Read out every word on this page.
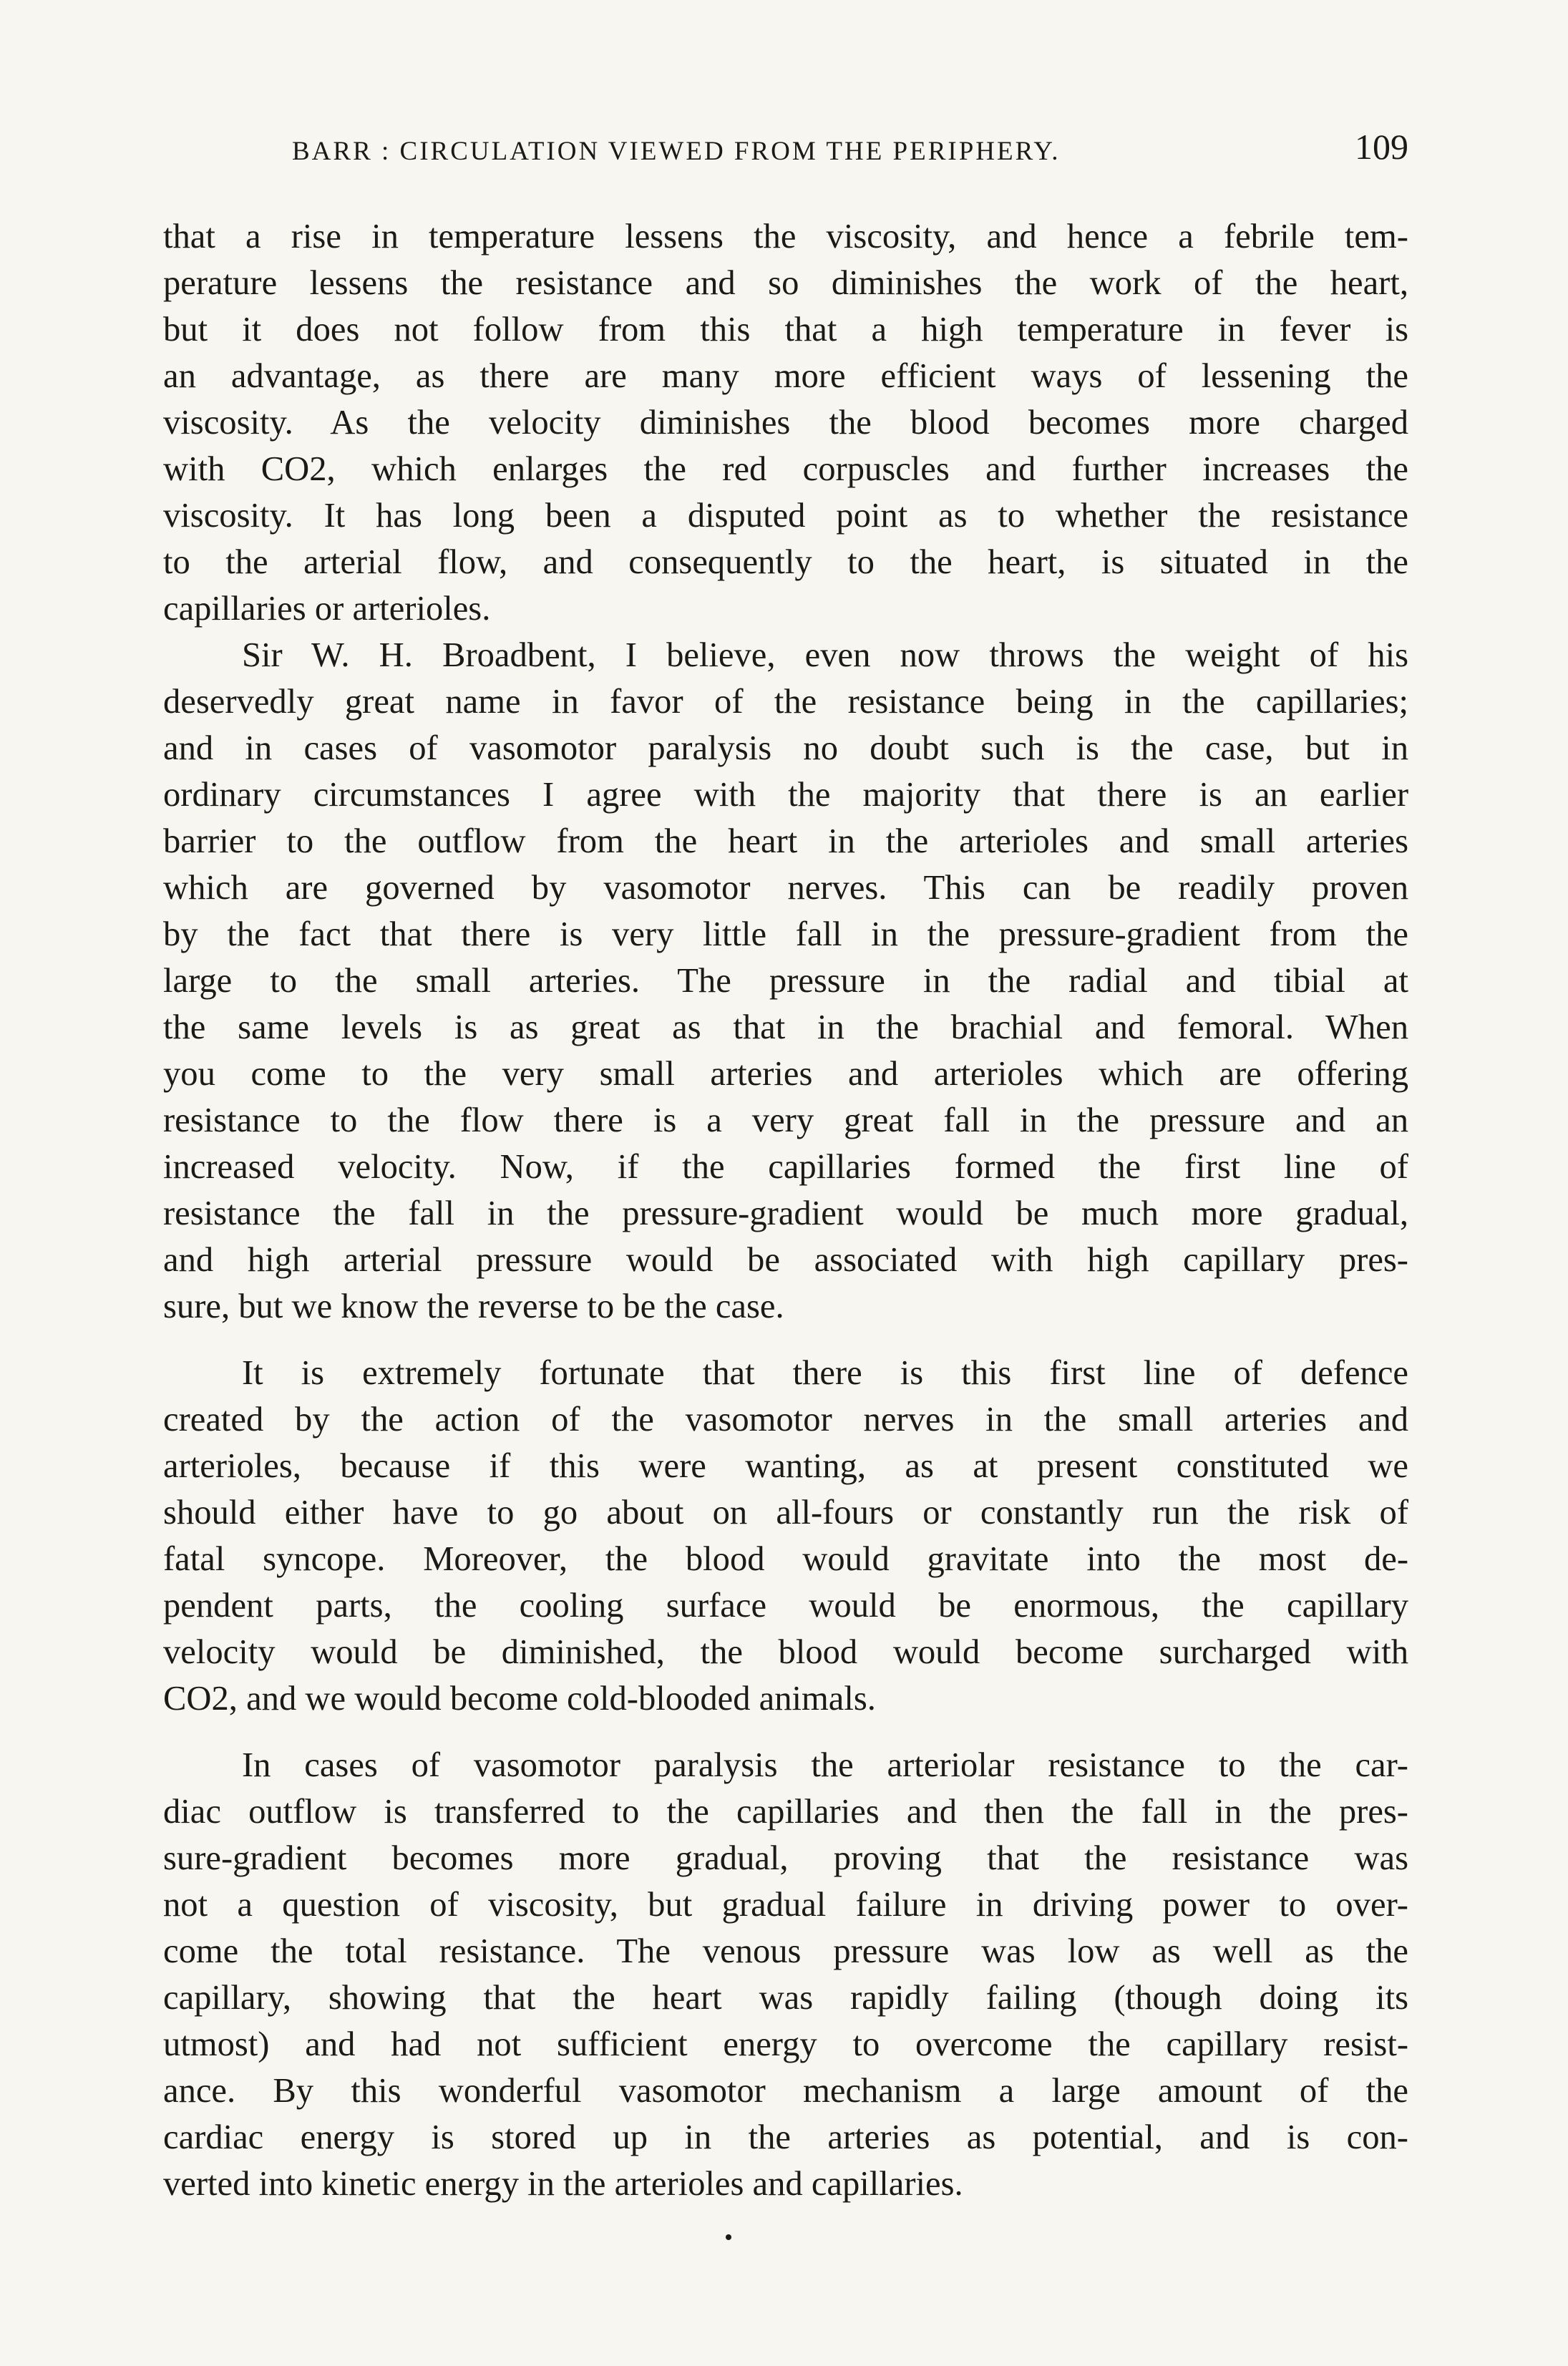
BARR : CIRCULATION VIEWED FROM THE PERIPHERY.	109

that a rise in temperature lessens the viscosity, and hence a febrile tem-
perature lessens the resistance and so diminishes the work of the heart,
but it does not follow from this that a high temperature in fever is
an advantage, as there are many more efficient ways of lessening the
viscosity. As the velocity diminishes the blood becomes more charged
with CO2, which enlarges the red corpuscles and further increases the
viscosity. It has long been a disputed point as to whether the resistance
to the arterial flow, and consequently to the heart, is situated in the
capillaries or arterioles.

Sir W. H. Broadbent, I believe, even now throws the weight of his
deservedly great name in favor of the resistance being in the capillaries;
and in cases of vasomotor paralysis no doubt such is the case, but in
ordinary circumstances I agree with the majority that there is an earlier
barrier to the outflow from the heart in the arterioles and small arteries
which are governed by vasomotor nerves. This can be readily proven
by the fact that there is very little fall in the pressure-gradient from the
large to the small arteries. The pressure in the radial and tibial at
the same levels is as great as that in the brachial and femoral. When
you come to the very small arteries and arterioles which are offering
resistance to the flow there is a very great fall in the pressure and an
increased velocity. Now, if the capillaries formed the first line of
resistance the fall in the pressure-gradient would be much more gradual,
and high arterial pressure would be associated with high capillary pres-
sure, but we know the reverse to be the case.

It is extremely fortunate that there is this first line of defence
created by the action of the vasomotor nerves in the small arteries and
arterioles, because if this were wanting, as at present constituted we
should either have to go about on all-fours or constantly run the risk of
fatal syncope. Moreover, the blood would gravitate into the most de-
pendent parts, the cooling surface would be enormous, the capillary
velocity would be diminished, the blood would become surcharged with
CO2, and we would become cold-blooded animals.

In cases of vasomotor paralysis the arteriolar resistance to the car-
diac outflow is transferred to the capillaries and then the fall in the pres-
sure-gradient becomes more gradual, proving that the resistance was
not a question of viscosity, but gradual failure in driving power to over-
come the total resistance. The venous pressure was low as well as the
capillary, showing that the heart was rapidly failing (though doing its
utmost) and had not sufficient energy to overcome the capillary resist-
ance. By this wonderful vasomotor mechanism a large amount of the
cardiac energy is stored up in the arteries as potential, and is con-
verted into kinetic energy in the arterioles and capillaries.
